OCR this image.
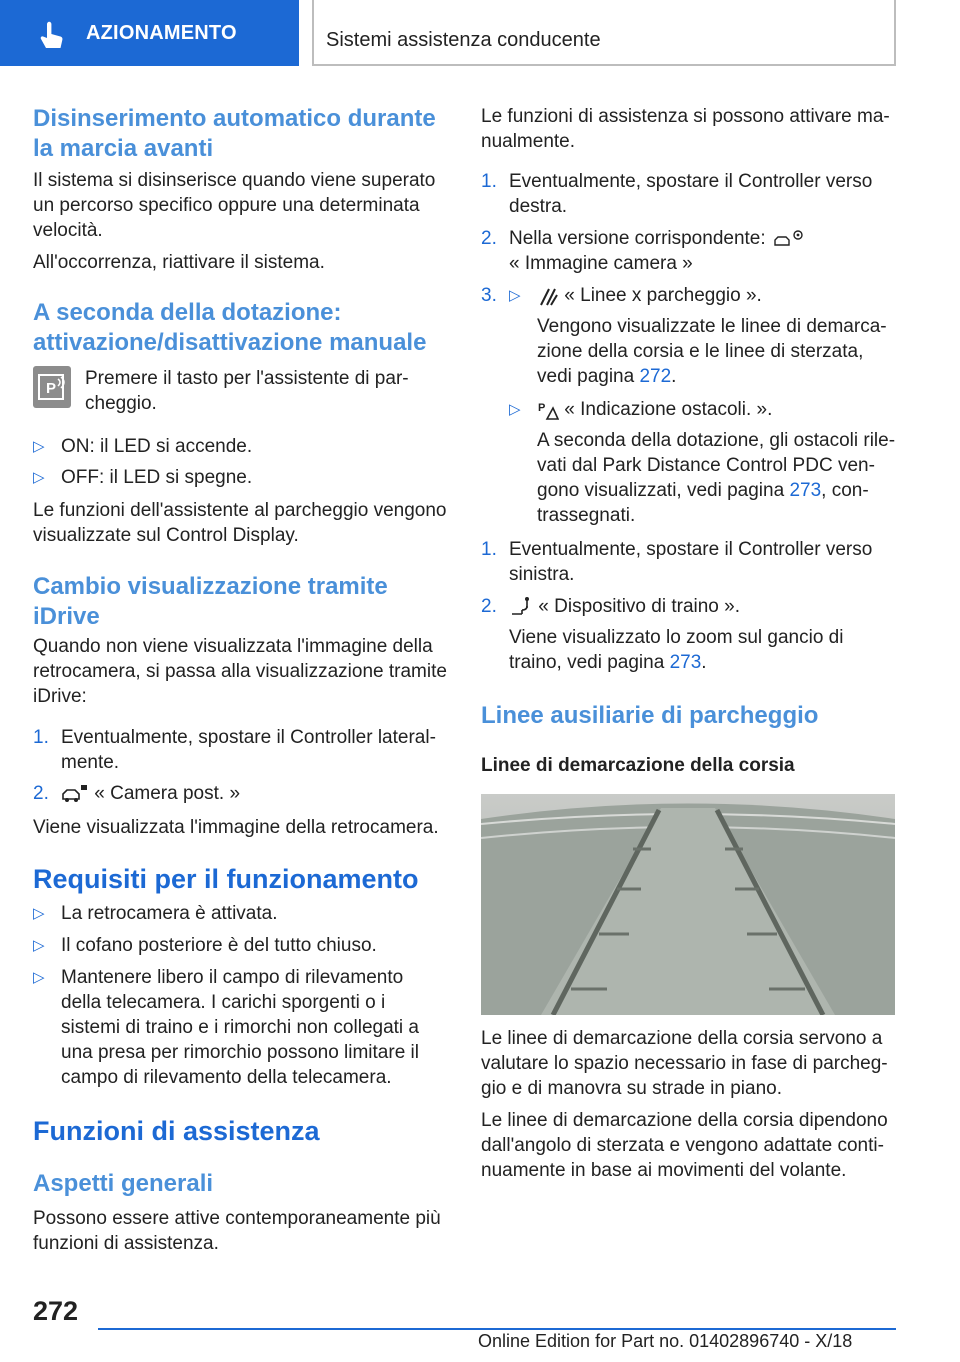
AZIONAMENTO	Sistemi assistenza conducente
Disinserimento automatico durante la marcia avanti

Il sistema si disinserisce quando viene superato un percorso specifico oppure una determinata velocità.

All'occorrenza, riattivare il sistema.

A seconda della dotazione: attivazione/disattivazione manuale
P Premere il tasto per l'assistente di parcheggio.

▷ ON: il LED si accende.
▷ OFF: il LED si spegne.

Le funzioni dell'assistente al parcheggio vengono visualizzate sul Control Display.

Cambio visualizzazione tramite iDrive

Quando non viene visualizzata l'immagine della retrocamera, si passa alla visualizzazione tramite iDrive:

1. Eventualmente, spostare il Controller lateralmente.
2.	« Camera post. »

Viene visualizzata l'immagine della retrocamera.

Requisiti per il funzionamento
▷ La retrocamera è attivata.
▷ Il cofano posteriore è del tutto chiuso.
▷ Mantenere libero il campo di rilevamento della telecamera. I carichi sporgenti o i sistemi di traino e i rimorchi non collegati a una presa per rimorchio possono limitare il campo di rilevamento della telecamera.
Funzioni di assistenza
Aspetti generali

Possono essere attive contemporaneamente più funzioni di assistenza.

Le funzioni di assistenza si possono attivare manualmente.

1. Eventualmente, spostare il Controller verso destra.
2. Nella versione corrispondente:
« Immagine camera »
3. ▷	« Linee x parcheggio ».
Vengono visualizzate le linee di demarcazione della corsia e le linee di sterzata, vedi pagina 272.
▷	P « Indicazione ostacoli. ».
A seconda della dotazione, gli ostacoli rilevati dal Park Distance Control PDC vengono visualizzati, vedi pagina 273, contrassegnati.
1. Eventualmente, spostare il Controller verso sinistra.
2.	« Dispositivo di traino ».
Viene visualizzato lo zoom sul gancio di traino, vedi pagina 273.
Linee ausiliarie di parcheggio
Linee di demarcazione della corsia

Le linee di demarcazione della corsia servono a valutare lo spazio necessario in fase di parcheggio e di manovra su strade in piano.

Le linee di demarcazione della corsia dipendono dall'angolo di sterzata e vengono adattate continuamente in base ai movimenti del volante.

272
Online Edition for Part no. 01402896740 - X/18
